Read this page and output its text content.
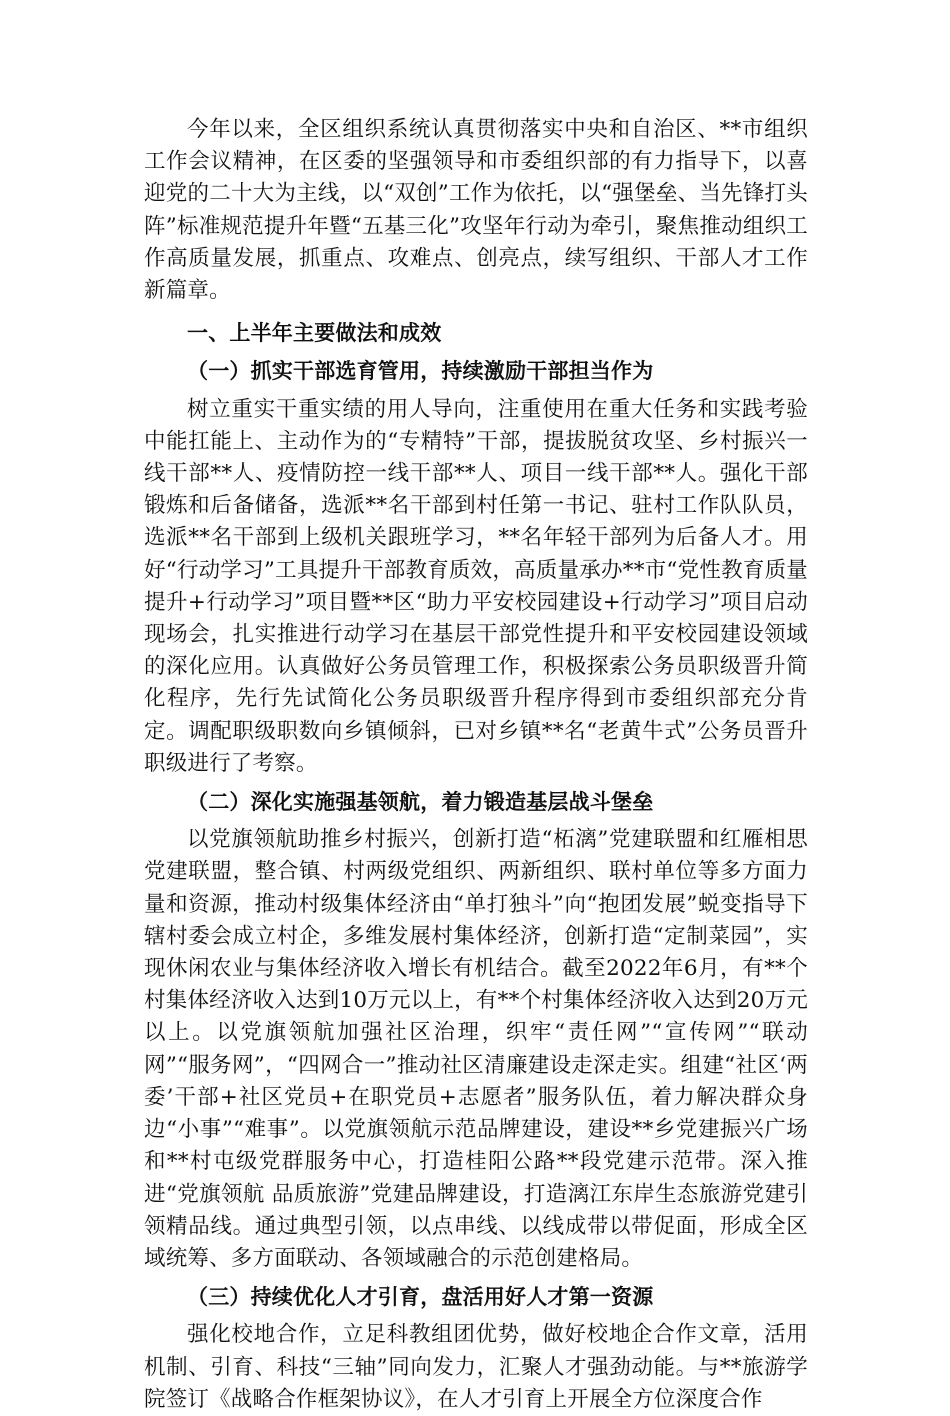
今年以来，全区组织系统认真贯彻落实中央和自治区、**市组织工作会议精神，在区委的坚强领导和市委组织部的有力指导下，以喜迎党的二十大为主线，以“双创”工作为依托，以“强堡垒、当先锋打头阵”标准规范提升年暨“五基三化”攻坚年行动为牵引，聚焦推动组织工作高质量发展，抓重点、攻难点、创亮点，续写组织、干部人才工作新篇章。

一、上半年主要做法和成效

（一）抓实干部选育管用，持续激励干部担当作为

树立重实干重实绩的用人导向，注重使用在重大任务和实践考验中能扛能上、主动作为的“专精特”干部，提拔脱贫攻坚、乡村振兴一线干部**人、疫情防控一线干部**人、项目一线干部**人。强化干部锻炼和后备储备，选派**名干部到村任第一书记、驻村工作队队员，选派**名干部到上级机关跟班学习，**名年轻干部列为后备人才。用好“行动学习”工具提升干部教育质效，高质量承办**市“党性教育质量提升+行动学习”项目暨**区“助力平安校园建设+行动学习”项目启动现场会，扎实推进行动学习在基层干部党性提升和平安校园建设领域的深化应用。认真做好公务员管理工作，积极探索公务员职级晋升简化程序，先行先试简化公务员职级晋升程序得到市委组织部充分肯定。调配职级职数向乡镇倾斜，已对乡镇**名“老黄牛式”公务员晋升职级进行了考察。

（二）深化实施强基领航，着力锻造基层战斗堡垒

以党旗领航助推乡村振兴，创新打造“柘漓”党建联盟和红雁相思党建联盟，整合镇、村两级党组织、两新组织、联村单位等多方面力量和资源，推动村级集体经济由“单打独斗”向“抱团发展”蜕变指导下辖村委会成立村企，多维发展村集体经济，创新打造“定制菜园”，实现休闲农业与集体经济收入增长有机结合。截至2022年6月，有**个村集体经济收入达到10万元以上，有**个村集体经济收入达到20万元以上。以党旗领航加强社区治理，织牢“责任网”“宣传网”“联动网”“服务网”，“四网合一”推动社区清廉建设走深走实。组建“社区‘两委’干部+社区党员+在职党员+志愿者”服务队伍，着力解决群众身边“小事”“难事”。以党旗领航示范品牌建设，建设**乡党建振兴广场和**村屯级党群服务中心，打造桂阳公路**段党建示范带。深入推进“党旗领航 品质旅游”党建品牌建设，打造漓江东岸生态旅游党建引领精品线。通过典型引领，以点串线、以线成带以带促面，形成全区域统筹、多方面联动、各领域融合的示范创建格局。

（三）持续优化人才引育，盘活用好人才第一资源

强化校地合作，立足科教组团优势，做好校地企合作文章，活用机制、引育、科技“三轴”同向发力，汇聚人才强劲动能。与**旅游学院签订《战略合作框架协议》，在人才引育上开展全方位深度合作
